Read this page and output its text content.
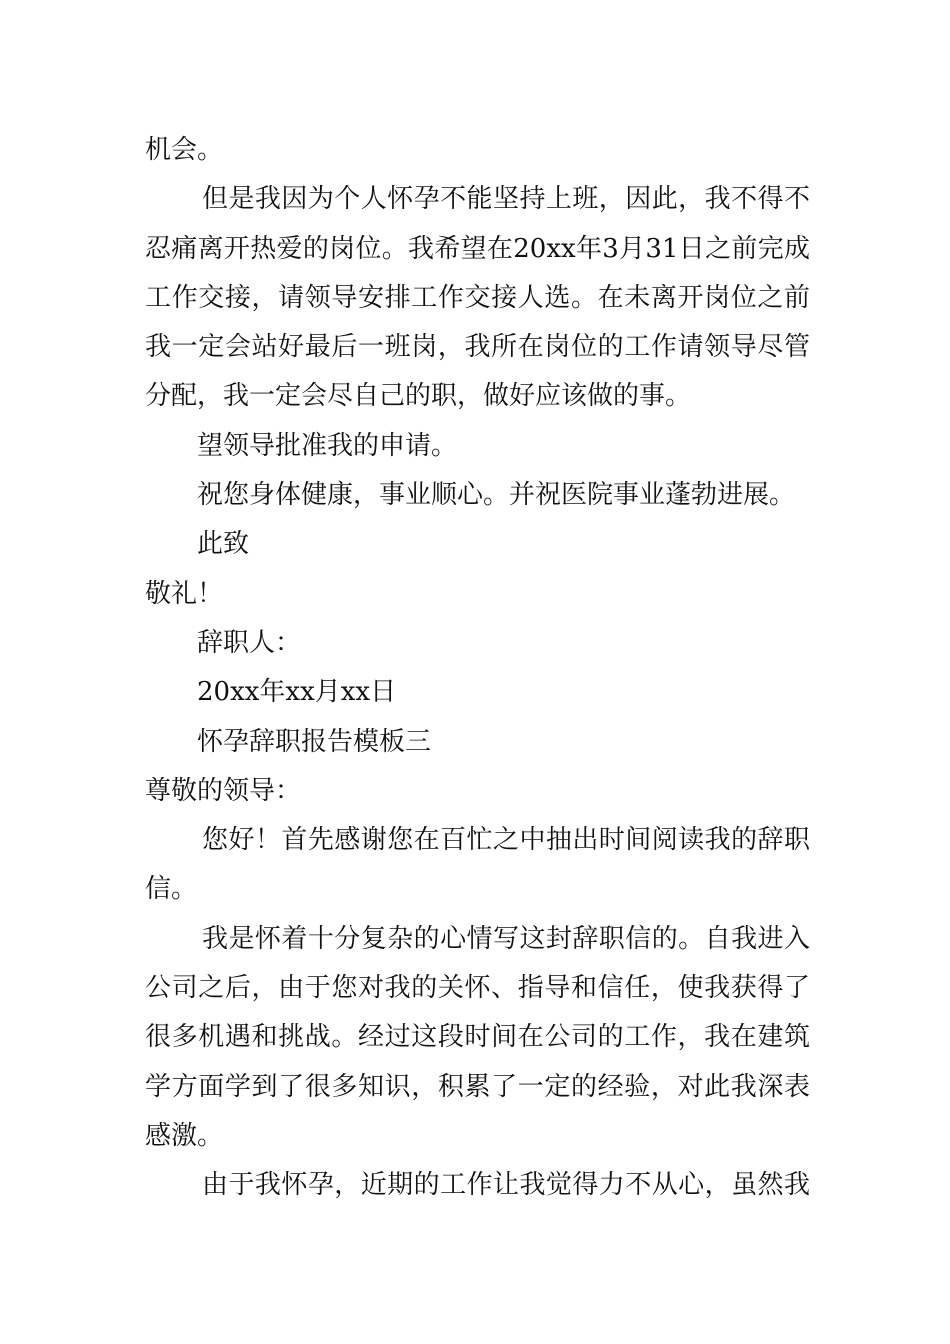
机会。
但是我因为个人怀孕不能坚持上班，因此，我不得不
忍痛离开热爱的岗位。我希望在20xx年3月31日之前完成
工作交接，请领导安排工作交接人选。在未离开岗位之前
我一定会站好最后一班岗，我所在岗位的工作请领导尽管
分配，我一定会尽自己的职，做好应该做的事。
望领导批准我的申请。
祝您身体健康，事业顺心。并祝医院事业蓬勃进展。
此致
敬礼！
辞职人：
20xx年xx月xx日
怀孕辞职报告模板三
尊敬的领导：
您好！首先感谢您在百忙之中抽出时间阅读我的辞职
信。
我是怀着十分复杂的心情写这封辞职信的。自我进入
公司之后，由于您对我的关怀、指导和信任，使我获得了
很多机遇和挑战。经过这段时间在公司的工作，我在建筑
学方面学到了很多知识，积累了一定的经验，对此我深表
感激。
由于我怀孕，近期的工作让我觉得力不从心，虽然我
